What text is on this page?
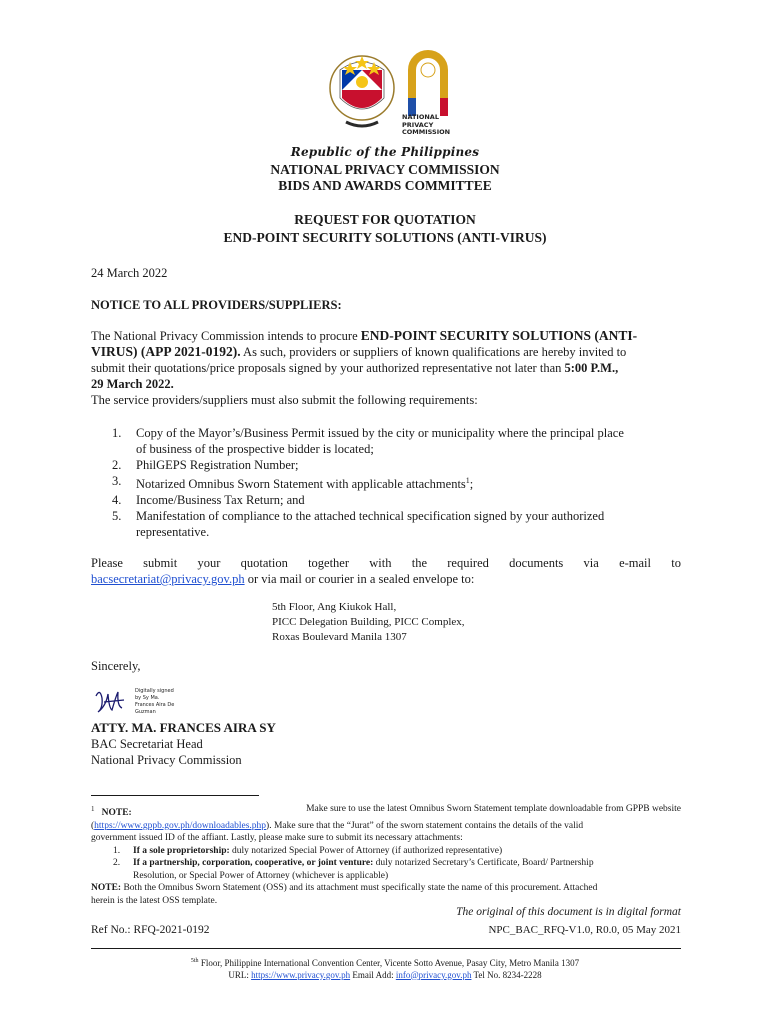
NATIONAL
PRIVACY
COMMISSION
Republic of the Philippines
NATIONAL PRIVACY COMMISSION
BIDS AND AWARDS COMMITTEE
REQUEST FOR QUOTATION
END-POINT SECURITY SOLUTIONS (ANTI-VIRUS)
24 March 2022
NOTICE TO ALL PROVIDERS/SUPPLIERS:
The National Privacy Commission intends to procure END-POINT SECURITY SOLUTIONS (ANTI-
VIRUS) (APP 2021-0192). As such, providers or suppliers of known qualifications are hereby invited to
submit their quotations/price proposals signed by your authorized representative not later than 5:00 P.M.,
29 March 2022.
The service providers/suppliers must also submit the following requirements:
1.	Copy of the Mayor’s/Business Permit issued by the city or municipality where the principal place
of business of the prospective bidder is located;
2.	PhilGEPS Registration Number;
3.	Notarized Omnibus Sworn Statement with applicable attachments$^1$;
4.	Income/Business Tax Return; and
5.	Manifestation of compliance to the attached technical specification signed by your authorized
representative.
Please submit your quotation together with the required documents via e-mail to
bacsecretariat@privacy.gov.ph or via mail or courier in a sealed envelope to:
5th Floor, Ang Kiukok Hall,
PICC Delegation Building, PICC Complex,
Roxas Boulevard Manila 1307
Sincerely,
Digitally signed
by Sy Ma.
Frances Aira De
Guzman
ATTY. MA. FRANCES AIRA SY
BAC Secretariat Head
National Privacy Commission
$^1$ NOTE:	Make sure to use the latest Omnibus Sworn Statement template downloadable from GPPB website
(https://www.gppb.gov.ph/downloadables.php). Make sure that the “Jurat” of the sworn statement contains the details of the valid
government issued ID of the affiant. Lastly, please make sure to submit its necessary attachments:
1. If a sole proprietorship: duly notarized Special Power of Attorney (if authorized representative)
2. If a partnership, corporation, cooperative, or joint venture: duly notarized Secretary’s Certificate, Board/ Partnership
Resolution, or Special Power of Attorney (whichever is applicable)
NOTE: Both the Omnibus Sworn Statement (OSS) and its attachment must specifically state the name of this procurement. Attached
herein is the latest OSS template.
The original of this document is in digital format
Ref No.: RFQ-2021-0192	NPC_BAC_RFQ-V1.0, R0.0, 05 May 2021
$^{5th}$ Floor, Philippine International Convention Center, Vicente Sotto Avenue, Pasay City, Metro Manila 1307
URL: https://www.privacy.gov.ph Email Add: info@privacy.gov.ph Tel No. 8234-2228
